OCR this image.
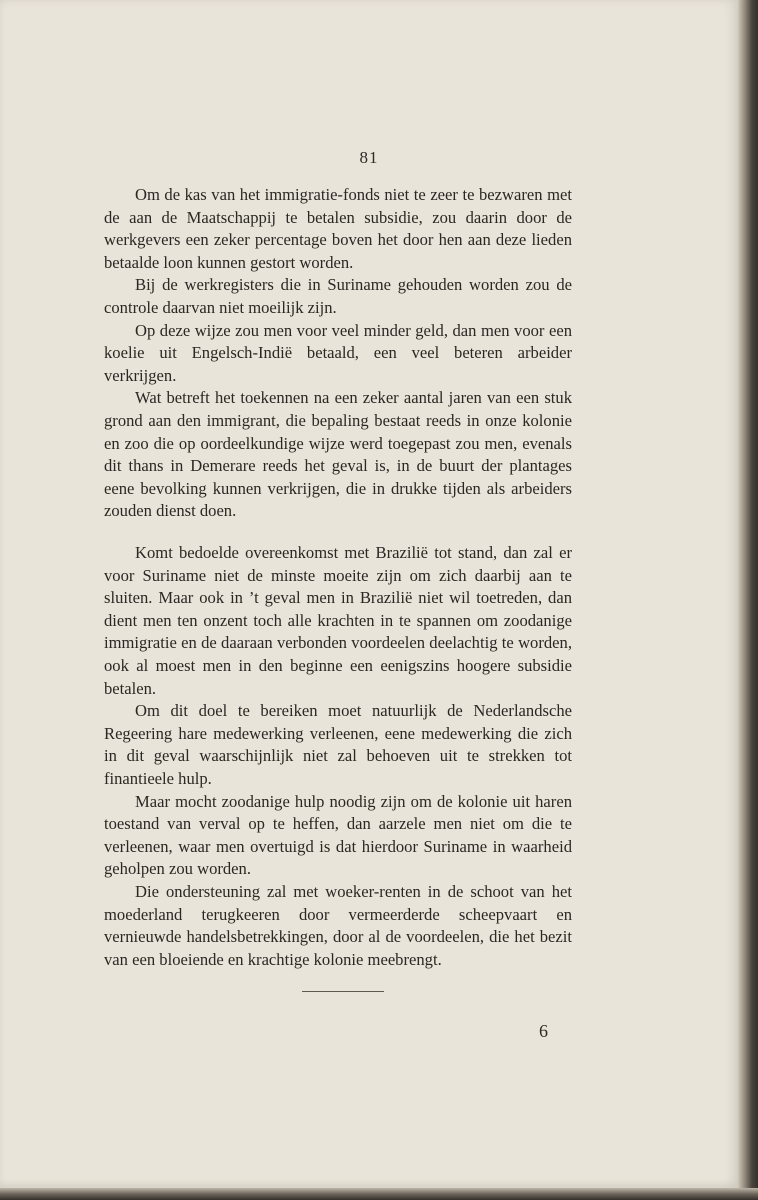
81

Om de kas van het immigratie-fonds niet te zeer te bezwaren met de aan de Maatschappij te betalen subsidie, zou daarin door de werkgevers een zeker percentage boven het door hen aan deze lieden betaalde loon kunnen gestort worden.

Bij de werkregisters die in Suriname gehouden worden zou de controle daarvan niet moeilijk zijn.

Op deze wijze zou men voor veel minder geld, dan men voor een koelie uit Engelsch-Indië betaald, een veel beteren arbeider verkrijgen.

Wat betreft het toekennen na een zeker aantal jaren van een stuk grond aan den immigrant, die bepaling bestaat reeds in onze kolonie en zoo die op oordeelkundige wijze werd toegepast zou men, evenals dit thans in Demerare reeds het geval is, in de buurt der plantages eene bevolking kunnen verkrijgen, die in drukke tijden als arbeiders zouden dienst doen.

Komt bedoelde overeenkomst met Brazilië tot stand, dan zal er voor Suriname niet de minste moeite zijn om zich daarbij aan te sluiten. Maar ook in ’t geval men in Brazilië niet wil toetreden, dan dient men ten onzent toch alle krachten in te spannen om zoodanige immigratie en de daaraan verbonden voordeelen deelachtig te worden, ook al moest men in den beginne een eenigszins hoogere subsidie betalen.

Om dit doel te bereiken moet natuurlijk de Nederlandsche Regeering hare medewerking verleenen, eene medewerking die zich in dit geval waarschijnlijk niet zal behoeven uit te strekken tot finantieele hulp.

Maar mocht zoodanige hulp noodig zijn om de kolonie uit haren toestand van verval op te heffen, dan aarzele men niet om die te verleenen, waar men overtuigd is dat hierdoor Suriname in waarheid geholpen zou worden.

Die ondersteuning zal met woeker-renten in de schoot van het moederland terugkeeren door vermeerderde scheepvaart en vernieuwde handelsbetrekkingen, door al de voordeelen, die het bezit van een bloeiende en krachtige kolonie meebrengt.

6
